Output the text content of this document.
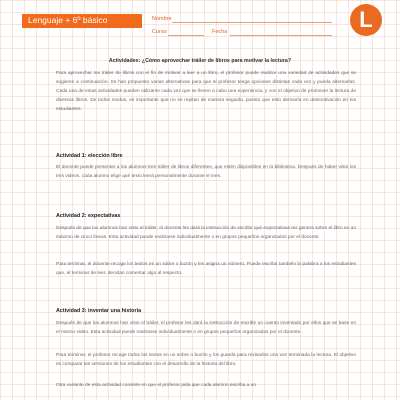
Lenguaje + 6º básico	Nombre
Curso	Fecha	L
Actividades: ¿Cómo aprovechar tráiler de libros para motivar la lectura?

Para aprovechar los tráiler de libros con el fin de motivar a leer a un libro, el profesor puede realizar una variedad de actividades que se sugieren a continuación. Se han propuesto varias alternativas para que el profesor tenga opciones distintas cada vez y pueda alternarlas. Cada una de estas actividades pueden utilizarse cada vez que se lleven a cabo una experiencia, y con el objetivo de promover la lectura de diversos libros. De todos modos, es importante que no se repitan de manera seguida, puesto que esto derivaría en desmotivación en los estudiantes.

Actividad 1: elección libre

El docente puede presentar a los alumnos tres tráiler de libros diferentes, que estén disponibles en la biblioteca. Después de haber visto los tres videos, cada alumno elige qué texto leerá personalmente durante el mes.

Actividad 2: expectativas

Después de que los alumnos han visto el tráiler, el docente les dará la instrucción de escribir qué expectativas les genera sobre el libro en un máximo de cinco líneas. Esta actividad puede realizarse individualmente o en grupos pequeños organizados por el docente.

Para terminar, el docente recoge los textos en un sobre o buzón y les asigna un número. Puede escribir también la palabra a los estudiantes que, al terminar de leer, decidan comentar algo al respecto.

Actividad 3: inventar una historia

Después de que los alumnos han visto el tráiler, el profesor les dará la instrucción de escribir un cuento inventado por ellos que se base en el mismo video. Esta actividad puede realizarse individualmente o en grupos pequeños organizados por el docente.

Para terminar, el profesor recoge todos los textos en un sobre o buzón y los guarda para revisarlos una vez terminada la lectura. El objetivo es comparar las versiones de los estudiantes con el desarrollo de la historia del libro.

Otra variante de esta actividad consiste en que el profesor pida que cada alumno escriba a un
